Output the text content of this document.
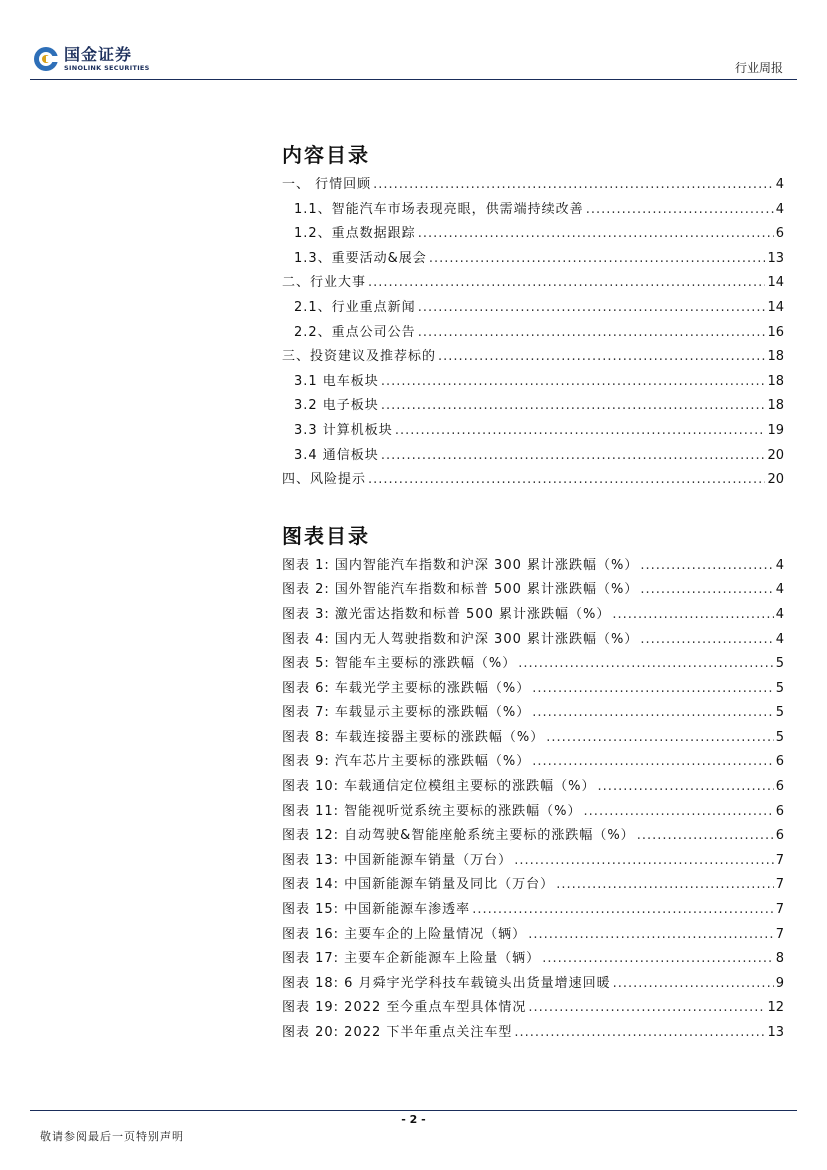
国金证券
SINOLINK SECURITIES	行业周报
内容目录
一、 行情回顾 .....	4
1.1、智能汽车市场表现亮眼，供需端持续改善 .....	4
1.2、重点数据跟踪 .....	6
1.3、重要活动&展会 .....	13
二、行业大事 .....	14
2.1、行业重点新闻 .....	14
2.2、重点公司公告 .....	16
三、投资建议及推荐标的 .....	18
3.1 电车板块 .....	18
3.2 电子板块 .....	18
3.3 计算机板块 .....	19
3.4 通信板块 .....	20
四、风险提示 .....	20
图表目录
图表 1: 国内智能汽车指数和沪深 300 累计涨跌幅（%） .....	4
图表 2: 国外智能汽车指数和标普 500 累计涨跌幅（%） .....	4
图表 3: 激光雷达指数和标普 500 累计涨跌幅（%） .....	4
图表 4: 国内无人驾驶指数和沪深 300 累计涨跌幅（%） .....	4
图表 5: 智能车主要标的涨跌幅（%） .....	5
图表 6: 车载光学主要标的涨跌幅（%） .....	5
图表 7: 车载显示主要标的涨跌幅（%） .....	5
图表 8: 车载连接器主要标的涨跌幅（%） .....	5
图表 9: 汽车芯片主要标的涨跌幅（%） .....	6
图表 10: 车载通信定位模组主要标的涨跌幅（%） .....	6
图表 11: 智能视听觉系统主要标的涨跌幅（%） .....	6
图表 12: 自动驾驶&智能座舱系统主要标的涨跌幅（%） .....	6
图表 13: 中国新能源车销量（万台） .....	7
图表 14: 中国新能源车销量及同比（万台） .....	7
图表 15: 中国新能源车渗透率 .....	7
图表 16: 主要车企的上险量情况（辆） .....	7
图表 17: 主要车企新能源车上险量（辆） .....	8
图表 18: 6 月舜宇光学科技车载镜头出货量增速回暖 .....	9
图表 19: 2022 至今重点车型具体情况 .....	12
图表 20: 2022 下半年重点关注车型 .....	13
- 2 -
敬请参阅最后一页特别声明
